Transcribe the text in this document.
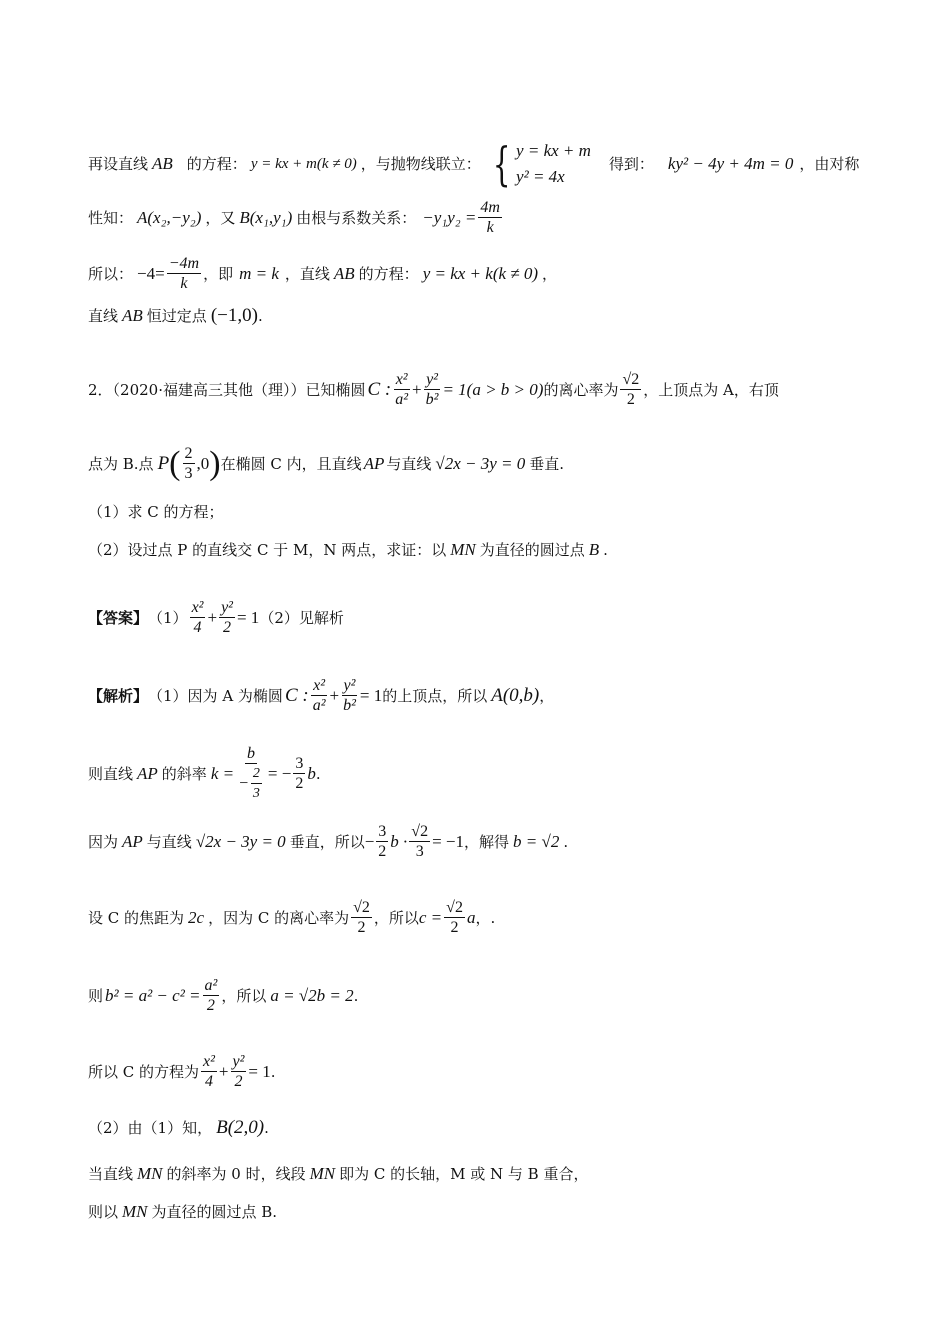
再设直线 AB 的方程： y = kx + m(k ≠ 0) ，与抛物线联立： { y = kx + m
y² = 4x
得到： ky² − 4y + 4m = 0 ，由对称
性知： A(x₂,−y₂) ，又 B(x₁,y₁) 由根与系数关系： $-y_1y_2 = \frac{4m}{k}$
所以： $-4= \frac{-4m}{k}$ ，即 m = k ，直线 AB 的方程： y = kx + k(k ≠ 0) ，
直线 AB 恒过定点 (−1,0) .
2．（2020·福建高三其他（理））已知椭圆 C : $\frac{\text{x²}}{\text{a²}} + \frac{\text{y²}}{\text{b²}} = 1(a > b > 0)$ 的离心率为 $\frac{√2}{2}$ ，上顶点为 A，右顶
点为 B.点 P ( $\frac{2}{3} ,0$ ) 在椭圆 C 内，且直线 AP 与直线 √2x − 3y = 0 垂直.
（1）求 C 的方程；
（2）设过点 P 的直线交 C 于 M，N 两点，求证：以 MN 为直径的圆过点 B .
【答案】 $(1) \frac{\text{x²}}{4} + \frac{\text{y²}}{2} = 1$ （2）见解析
【解析】 （1）因为 A 为椭圆 C : $\frac{\text{x²}}{\text{a²}} + \frac{\text{y²}}{\text{b²}} = 1$ 的上顶点，所以 A(0,b) ，
则直线 AP 的斜率 $k = \frac{b}{- \frac{2}{3}}$ = − $\frac{3}{2}$ b .
因为 AP 与直线 √2x − 3y = 0 垂直，所以 − $\frac{3}{2}$ $b \cdot \frac{√2}{3} = -1$ ，解得 b = √2 .
设 C 的焦距为 2c ，因为 C 的离心率为 $\frac{√2}{2}$ ，所以 $c = \frac{√2}{2}$ a ，.
则 $b^2 = a^2 - c^2 = \frac{\text{a²}}{2}$ ，所以 a = √2b = 2 .
所以 C 的方程为 $\frac{\text{x²}}{4} + \frac{\text{y²}}{2} = 1$ .
（2）由（1）知， B(2,0) .
当直线 MN 的斜率为 0 时，线段 MN 即为 C 的长轴，M 或 N 与 B 重合，
则以 MN 为直径的圆过点 B.
